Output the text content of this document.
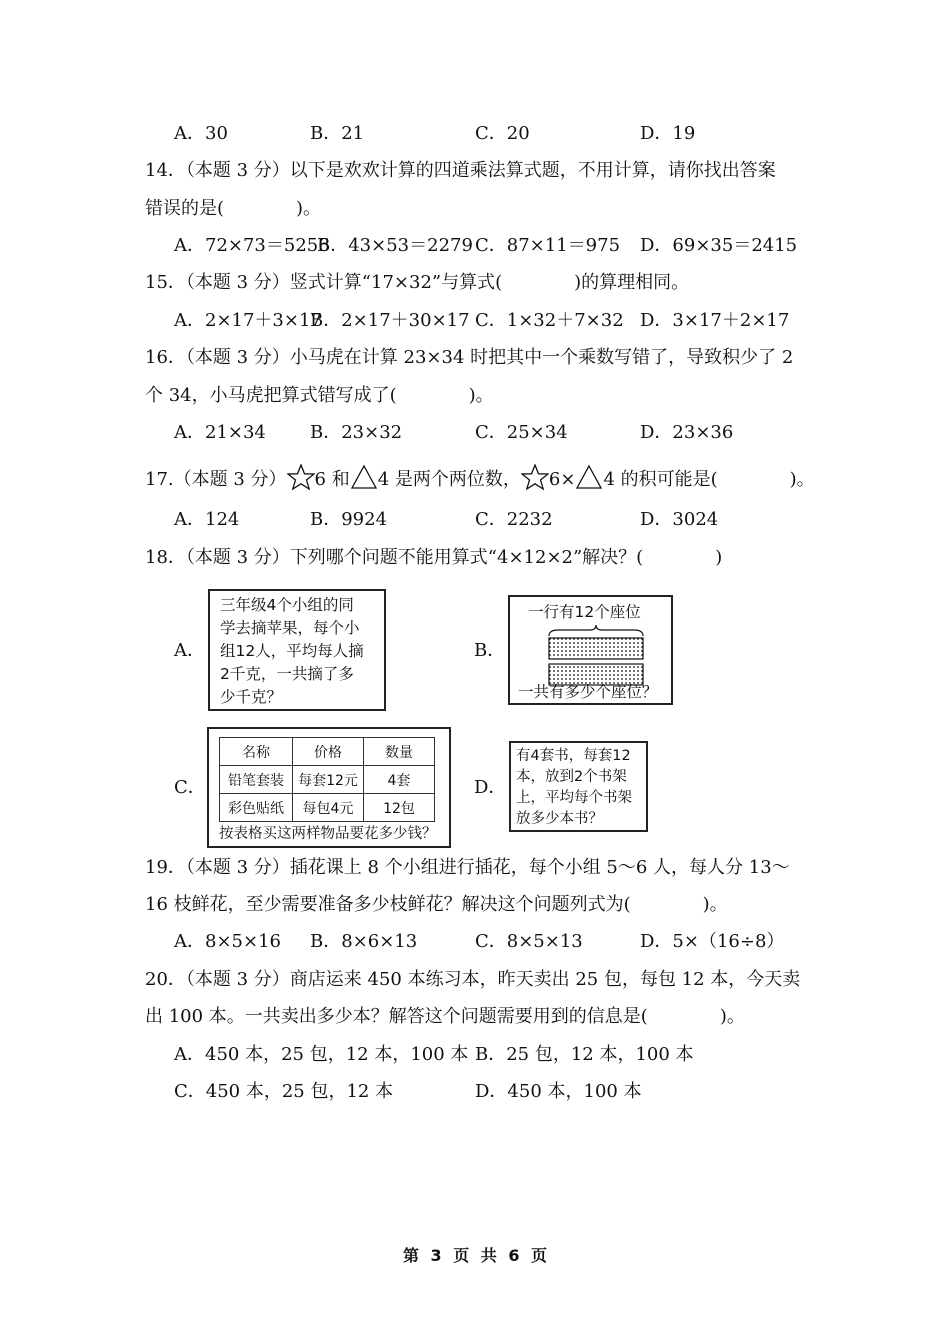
A．30	B．21	C．20	D．19
14．（本题 3 分）以下是欢欢计算的四道乘法算式题，不用计算，请你找出答案
错误的是(　　　　)。
A．72×73＝5256
B．43×53＝2279 C．87×11＝975 D．69×35＝2415
15．（本题 3 分）竖式计算“17×32”与算式(　　　　)的算理相同。
A．2×17＋3×17
B．2×17＋30×17 C．1×32＋7×32 D．3×17＋2×17
16．（本题 3 分）小马虎在计算 23×34 时把其中一个乘数写错了，导致积少了 2
个 34，小马虎把算式错写成了(　　　　)。
A．21×34 B．23×32	C．25×34	D．23×36
17.（本题 3 分） 6 和 4 是两个两位数， 6× 4 的积可能是(　　　　)。
A．124	B．9924	C．2232	D．3024
18．（本题 3 分）下列哪个问题不能用算式“4×12×2”解决？(　　　　)
A．
三年级4个小组的同
学去摘苹果，每个小
组12人，平均每人摘
2千克，一共摘了多
少千克？
B．
一行有12个座位
一共有多少个座位？
C．
名称	价格	数量
铅笔套装	每套12元	4套
彩色贴纸	每包4元	12包
按表格买这两样物品要花多少钱？
D．
有4套书，每套12
本，放到2个书架
上，平均每个书架
放多少本书？
19．（本题 3 分）插花课上 8 个小组进行插花，每个小组 5～6 人，每人分 13～
16 枝鲜花，至少需要准备多少枝鲜花？解决这个问题列式为(　　　　)。
A．8×5×16 B．8×6×13	C．8×5×13	D．5×（16÷8）
20．（本题 3 分）商店运来 450 本练习本，昨天卖出 25 包，每包 12 本，今天卖
出 100 本。一共卖出多少本？解答这个问题需要用到的信息是(　　　　)。
A．450 本，25 包，12 本，100 本 B．25 包，12 本，100 本
C．450 本，25 包，12 本	D．450 本，100 本
第 3 页 共 6 页
